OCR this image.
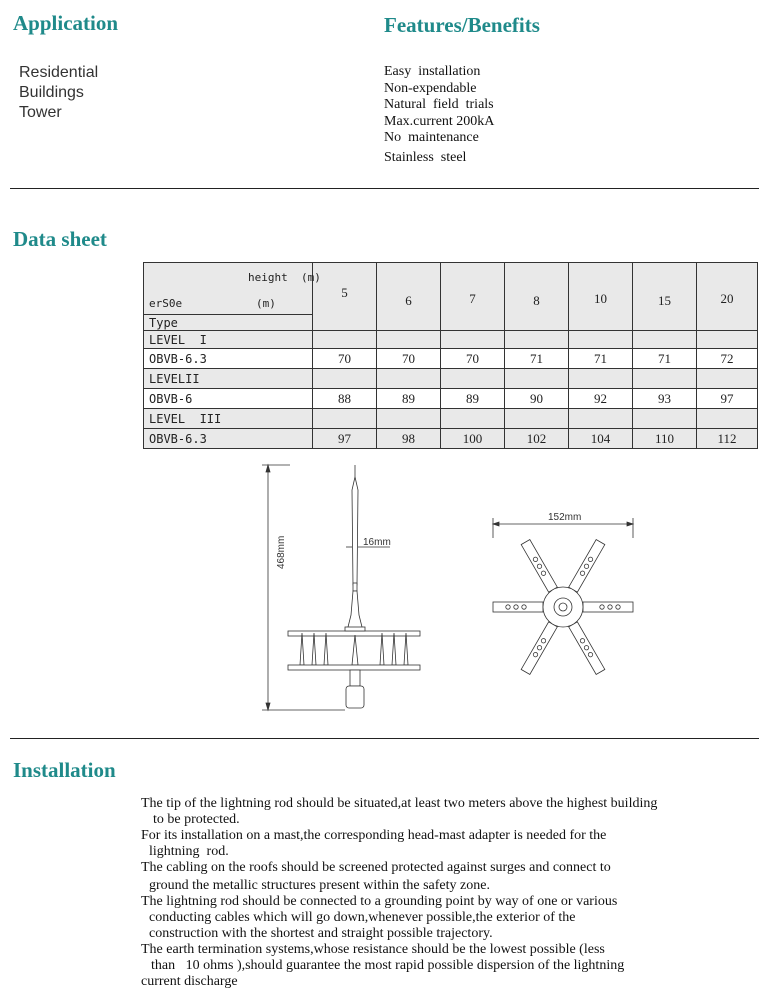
Application
Residential
Buildings
Tower
Features/Benefits
Easy  installation
Non-expendable
Natural  field  trials
Max.current 200kA
No  maintenance
Stainless  steel
Data sheet
height  (m)
erS0e (m)	5	6	7	8	10	15	20
Type							
LEVEL  I							
OBVB-6.3	70	70	70	71	71	71	72
LEVELII							
OBVB-6	88	89	89	90	92	93	97
LEVEL  III							
OBVB-6.3	97	98	100	102	104	110	112
468mm	16mm
152mm
Installation

The tip of the lightning rod should be situated,at least two meters above the highest building

to be protected.

For its installation on a mast,the corresponding head-mast adapter is needed for the

lightning  rod.

The cabling on the roofs should be screened protected against surges and connect to

ground the metallic structures present within the safety zone.

The lightning rod should be connected to a grounding point by way of one or various

conducting cables which will go down,whenever possible,the exterior of the

construction with the shortest and straight possible trajectory.

The earth termination systems,whose resistance should be the lowest possible (less

than   10 ohms ),should guarantee the most rapid possible dispersion of the lightning

current discharge
